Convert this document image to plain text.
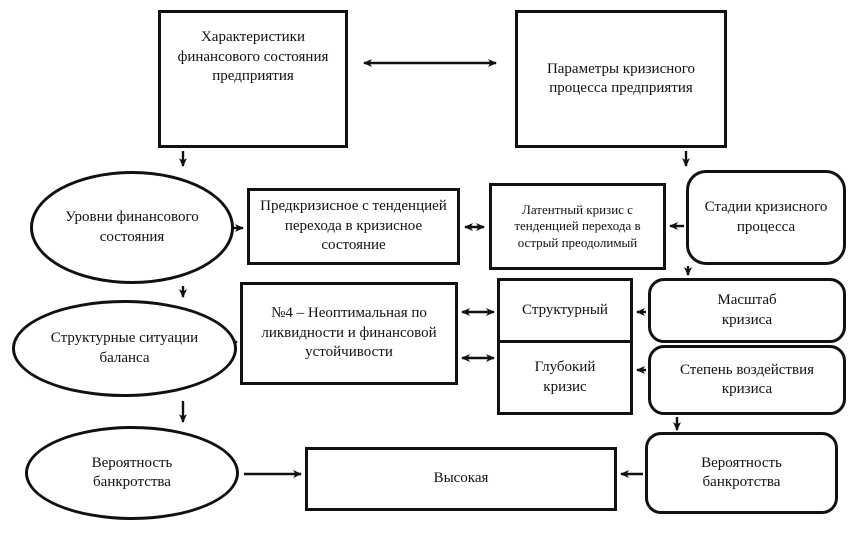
Характеристики финансового состояния предприятия	Параметры кризисного процесса предприятия
Уровни финансового состояния
Предкризисное с тенденцией перехода в кризисное состояние
Латентный кризис с тенденцией перехода в острый преодолимый
Стадии кризисного процесса
Структурные ситуации баланса
№4 – Неоптимальная по ликвидности и финансовой устойчивости
Структурный
Глубокий кризис
Масштаб кризиса
Степень воздействия кризиса
Вероятность банкротства	Высокая
Вероятность банкротства
